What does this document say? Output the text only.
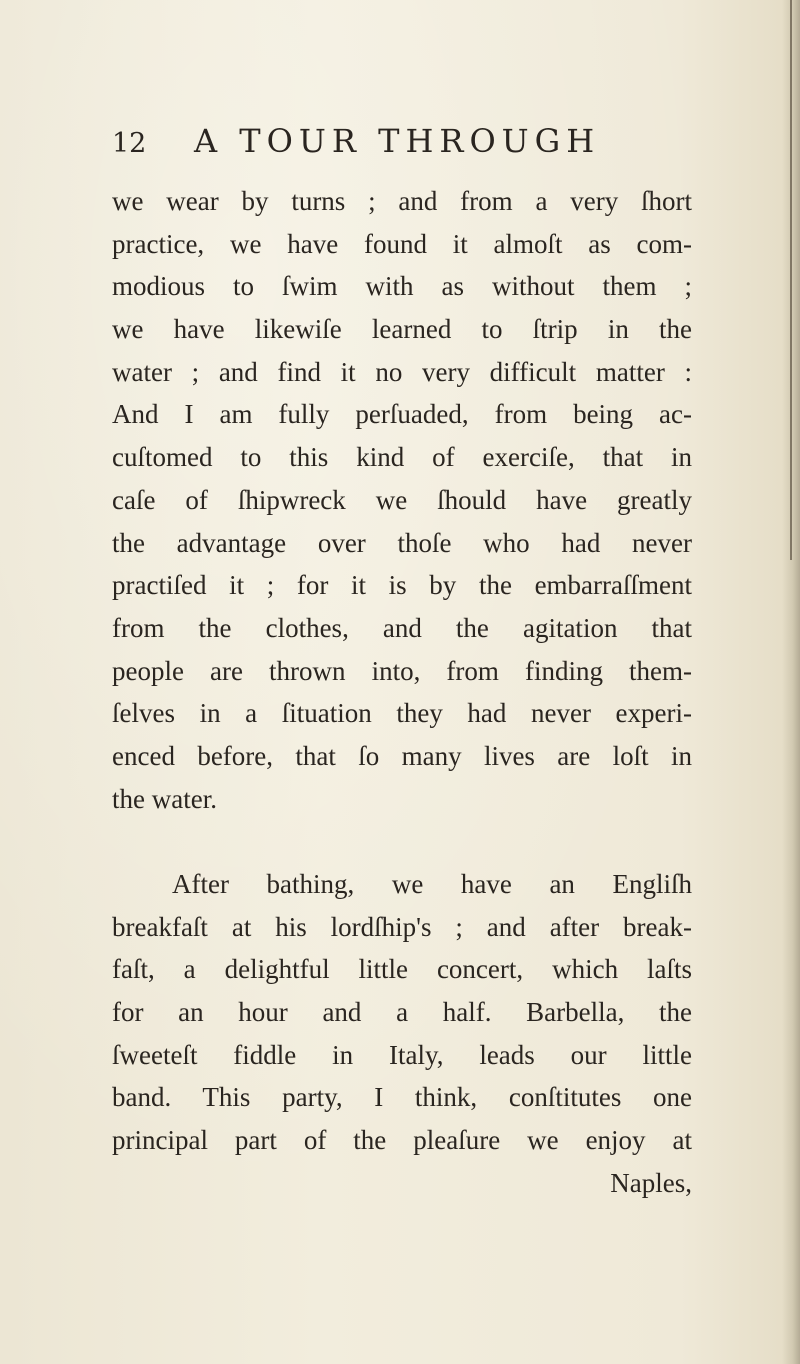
12 A TOUR THROUGH
we wear by turns ; and from a very ſhort
practice, we have found it almoſt as com-
modious to ſwim with as without them ;
we have likewiſe learned to ſtrip in the
water ; and find it no very difficult matter :
And I am fully perſuaded, from being ac-
cuſtomed to this kind of exerciſe, that in
caſe of ſhipwreck we ſhould have greatly
the advantage over thoſe who had never
practiſed it ; for it is by the embarraſſment
from the clothes, and the agitation that
people are thrown into, from finding them-
ſelves in a ſituation they had never experi-
enced before, that ſo many lives are loſt in
the water.
After bathing, we have an Engliſh
breakfaſt at his lordſhip's ; and after break-
faſt, a delightful little concert, which laſts
for an hour and a half. Barbella, the
ſweeteſt fiddle in Italy, leads our little
band. This party, I think, conſtitutes one
principal part of the pleaſure we enjoy at
Naples,
